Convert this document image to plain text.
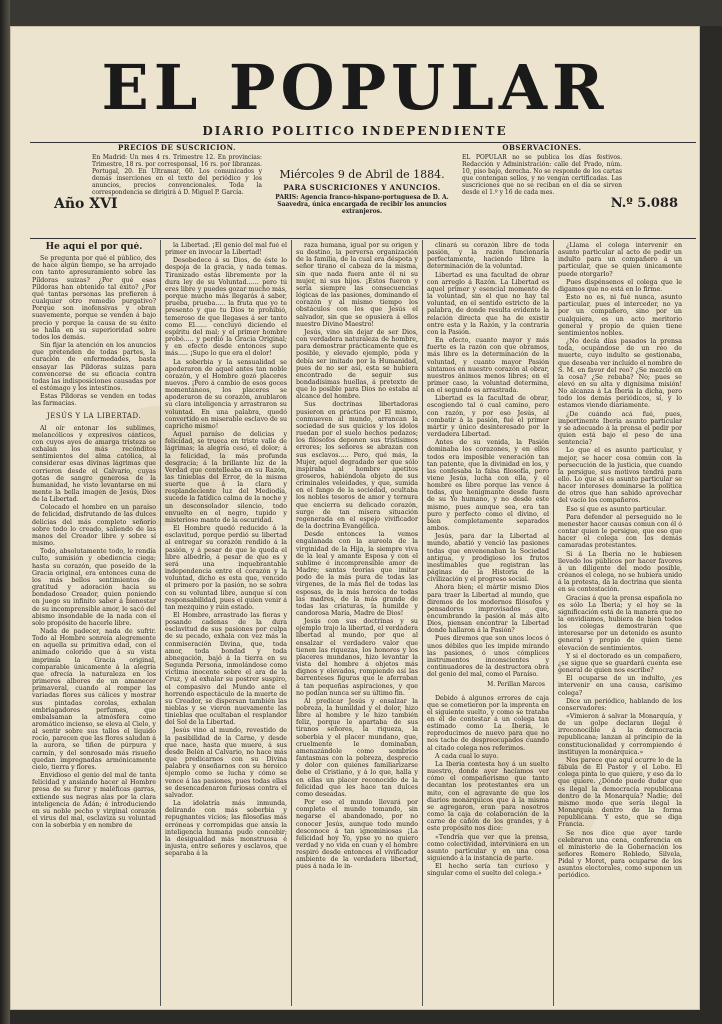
EL POPULAR
DIARIO POLITICO INDEPENDIENTE
PRECIOS DE SUSCRICION.
En Madrid: Un mes 4 rs. Trimestre 12. En provincias: Trimestre, 18 rs. por corresponsal, 16 rs. por libranzas. Portugal, 20. En Ultramar, 60. Los comunicados y demás inserciones en el texto del periódico y los anuncios, precios convencionales. Toda la correspondencia se dirigirá á D. Miguel P. García.
Miércoles 9 de Abril de 1884.
PARA SUSCRICIONES Y ANUNCIOS.
PARIS: Agencia franco-hispano-portuguesa de D. A. Saavedra, única encargada de recibir los anuncios extranjeros.
OBSERVACIONES.
EL POPULAR no se publica los días festivos. Redacción y Administración: calle del Prado, núm. 10, piso bajo, derecha. No se responde de los cartas que contengan sellos, y no vengan certificadas. Las suscriciones que no se reciban en el día se sirven desde el 1.º y 16 de cada mes.
Año XVI	N.º 5.088

He aquí el por qué.

Se pregunta por qué el público, des de hace algún tiempo, se ha arrojado con tanto apresuramiento sobre las Píldoras suizas? ¿Por qué esas Píldoras han obtenido tal éxito? ¿Por qué tantas personas las prefieren á cualquier otro remedio purgativo? Porque son inofensivas y obran suavemente, porque se venden á bajo precio y porque la causa de su éxito se halla en su superioridad sobre todos los demás.

Sin fijar la atención en los anuncios que pretenden de todas partes, la curación de enfermedades, basta ensayar las Píldoras suizas para convencerse de su eficacia contra todas las indisposiciones causadas por el estómago y los intestinos.

Estas Píldoras se venden en todas las farmacias.

JESÚS Y LA LIBERTAD.

Al oír entonar los sublimes, melancólicos y expresivos cánticos, con cuyos ayes de amarga tristeza se exhalan los más recónditos sentimientos del alma católica, al considerar esas divinas lágrimas que corrieron desde el Calvario, cuyas gotas de sangre generosa de la humanidad, he visto levantarse en mi mente la bella imagen de Jesús, Dios de la Libertad.

Colocado el hombre en un paraíso de felicidad, disfrutando de las dulces delicias del más completo señorío sobre todo lo creado, saliendo de las manos del Creador libre y sobre sí mismo.

Todo, absolutamente todo, le rendía culto, sumisión y obediencia ciega; hasta su corazón, que poseído de la Gracia original, era entonces cuna de los más bellos sentimientos de gratitud y adoración hacia su bondadoso Creador, quien poniendo en juego su infinito saber á bienestar de su incomprensible amor, le sacó del abismo insondable de la nada con el solo propósito de hacerle libre.

Nada de padecer, nada de sufrir. Todo al Hombre sonreía alegremente en aquella su primitiva edad, con el animado colorido que á su vista imprimía la Gracia original, comparable únicamente á la alegría que ofrecía la naturaleza en los primeros albores de un amanecer primaveral, cuando al romper las variadas flores sus cálices y mostrar sus pintadas corolas, exhalan embriagadores perfumes, que embalsaman la atmósfera como aromático incienso, se eleva al Cielo, y al sentir sobre sus tallos el líquido rocío, parecen que las flores saludan á la aurora, se tiñen de púrpura y carmín, y del sonrosado más risueño quedan impregnadas armónicamente cielo, tierra y flores.

Envidioso el genio del mal de tanta felicidad y ansiando hacer al Hombre presa de su furor y maléficas garras, extiende sus negras alas por la clara inteligencia de Adán; é introduciendo en su noble pecho y virginal corazón el virus del mal, esclaviza su voluntad con la soberbia y en nombre de

la Libertad. ¡El genio del mal fué el primer en invocar la Libertad!

Desobedece á su Dios, de éste lo despoja de la gracia, y nada temas. Tiranizado estás libremente por la dura ley de su Voluntad...... pero tú eres libre y puedes gozar mucho más, porque mucho más llegarás á saber, prueba, prueba..... la fruta que yo te presento y que tu Dios te prohibió, temeroso de que llegases á ser tanto como El...... concluyó diciendo el espíritu del mal; y el primer hombre probó..... y perdió la Gracia Original; y en efecto desde entonces supo más..... ¡Supo lo que era el dolor!

La soberbia y la sensualidad se apoderaron de aquel antes tan noble corazón, y el Hombre gozó placeres nuevos. ¡Pero á cambio de esos goces momentáneos, los placeres se apoderaron de su corazón, anublaron su clara inteligencia y arrastraron su voluntad. En una palabra, quedó convertido en miserable esclavo de su capricho mismo!

Aquel paraíso de delicias y felicidad, se trueca en triste valle de lágrimas; la alegría cesó, el dolor; á la felicidad, la más profunda desgracia; á la brillante luz de la Verdad que centelleaba en su Razón, las tinieblas del Error, de la misma suerte que á la clara y resplandeciente luz del Mediodía, sucede la fatídica calma de la noche y un desconsolador silencio, todo envuelto en el negro, tupido y misterioso manto de la oscuridad.

El Hombre quedó reducido á la esclavitud, porque perdió su libertad al entregar su corazón rendido á la pasión, y á pesar de que le queda el libre albedrío, á pesar de que es y será una inquebrantable independencia entre el corazón y la voluntad, dicho es esta que, vencido el primero por la pasión, no se sobra con su voluntad libre, aunque sí con responsabilidad, pues el quien venir á tan mezquino y ruin estado.

El Hombre, arrastrado las fieras y posando cadenas de la dura esclavitud de sus pasiones por culpa de su pecado, exhala con vez más la conmiseración Divina, que, toda amor, toda bondad y toda abnegación, bajó á la tierra en su Segunda Persona, inmolándose como víctima inocente sobre el ara de la Cruz, y al exhalar su postrer suspiro, el compasivo del Mundo ante el horrendo espectáculo de la muerte de su Creador, se dispersan también las nieblas y se vieron nuevamente las tinieblas que ocultaban el resplandor del Sol de la Libertad.

Jesús vino al mundo, revestido de la pasibilidad de la Carne, y desde que nace, hasta que muere, á sus desde Belén al Calvario, no hace más que predicarnos con su Divina palabra y enseñarnos con su heroico ejemplo como se lucha y cómo se vence á las pasiones, pues todas ellas se desencadenaron furiosas contra el salvador.

La idolatría más inmunda, delirando con más soberbia y repugnantes vicios; las filosofías más erróneas y corrompidas que ansía la inteligencia humana pudo concebir; la desigualdad más monstruosa é injusta, entre señores y esclavos, que separaba á la

raza humana, igual por su origen y su destino, la perversa organización de la familia, de la cual era déspota y señor tirano el cabeza de la misma, sin que nada fuera ante él ni su mujer, ni sus hijos. ¡Estos fueron y sería siempre las consecuencias lógicas de las pasiones, dominando el corazón y al mismo tiempo los obstáculos con los que Jesús el salvador, sin que se opusiera á ellos nuestro Divino Maestro!

Jesús, vino sin dejar de ser Dios, con verdadera naturaleza de hombre, para demostrar prácticamente que es posible, y elevado ejemplo, poda y debía ser imitado por la Humanidad, pues de no ser así, esta se hubiera encontrado de seguir sus bondadísimas huellas, á pretexto de que lo posible para Dios no estaba al alcance del hombre.

Sus doctrinas libertadoras pusieron en práctica por El mismo, conmueven al mundo, arrancan la sociedad de sus quicios y los ídolos ruedan por el suelo hechos pedazos; los filósofos deponen sus tristísimos errores; los señores se abrazan con sus esclavos..... Pero, qué más, la Mujer, aquel degradado ser que sólo inspiraba al hombre apetitos groseros, habiéndola objeto de sus criminales veleidades, y que, sumida en el fango de la sociedad, ocultaba los nobles tesoros de amor y ternura que encierra su delicado corazón, surge de tan mísera situación regenerada en el espejo vivificador de la doctrina Evangélica.

Desde entonces la vemos engalanada con la aureola de la virginidad de la Hija, la siempre viva de la leal y amante Esposa y con el sublime é incomprensible amor de Madre; santas teorías que imitar podo de la más pura de todas las vírgenes, de la más fiel de todas las esposas, de la más heroica de todas las madres, de la más grande de todas las criaturas, la humilde y candorosa María, Madre de Dios!

Jesús con sus doctrinas y su ejemplo trajo la libertad, el verdadera libertad al mundo, por que al ensalzar el verdadero valor que tienen las riquezas, los honores y los placeres mundanos, hizo levantar la vista del hombre á objetos más dignos y elevados, rompiendo así las barrenteses figuras que le aferraban á tan pequeñas aspiraciones, y que no podían nunca ser su último fin.

Al predicar Jesús y ensalzar la pobreza, la humildad y el dolor, hizo libre al hombre y le hizo también feliz, porque le apartaba de sus tiranos señores, la riqueza, la soberbia y el placer mundano, que, cruelmente le dominaban, amenazándole como sombríos fantasmas con la pobreza, desprecio y dolor con quienes familiarizarse debe el Cristiano, y á lo que, halla y en ellas un placer reconocido de la felicidad que les hace tan dulces como deseadas.

Por eso el mundo llevará por completo el mundo tomando, sin negarse el abandonado, por no conocer Jesús, aunque todo mundo desconoce á tan ignominiosas ¡La felicidad hoy Yo, ypse yo no quiero verdad y no vida en cuan y el hombre respiró desde entonces el vivificador ambiente de la verdadera libertad, pues á nada le in-

clinará su corazón libre de toda pasión, y la razón funcionaría perfectamente, haciendo libre la determinación de la voluntad.

Libertad es una facultad de obrar con arreglo á Razón. La Libertad es aquel primer y esencial momento de la voluntad, sin el que no hay tal voluntad, en el sentido estricto de la palabra, de donde resulta evidente la relación directa que ha de existir entre esta y la Razón, y la contraria con la Pasión.

En efecto, cuanto mayor y más fuerte es la razón con que obramos, más libre es la determinación de la voluntad, y cuanto mayor Pasión sintamos en nuestro corazón al obrar, nuestros ánimos menos libres; en el primer caso, la voluntad determina, en el segundo es arrastrada.

Libertad es la facultad de obrar, escogiendo tal ó cual camino, pero con razón, y por eso Jesús, al combatir á la pasión, fué el primer mártir y único desinteresado por la verdadera Libertad.

Antes de su venida, la Pasión dominaba los corazones, y en ellos todos era imposible veneración tan tan patente, que la divinidad en los, y las confesaba la falsa filosofía, pero viene Jesús, lucha con ella, y el hombre es libre porque las vence á todas, que henigmante desde fuera de su Yo humano, y no desde este mismo, pues aunque sea, era tan puro y perfecto como el divino, el bien completamente separados ambos.

Jesús, para dar la Libertad al mundo, abatió y venció las pasiones todas que envenenaban la Sociedad antigua, y prodigioso los frutos inestimables que registran las páginas de la Historia de la civilización y el progreso social.

Ahora bien; el mártir mismo Dios para traer la Libertad al mundo, que diremos de los modernos filósofos y pensadores improvisados que, encumbrando la pasión al más alto Dios, piensan encontrar la Libertad donde hallaron á la Pasión?

Pues diremos que son unos locos ó unos débiles que les impide mirando las pasiones, ó unos cómplices instrumentos inconscientes y continuadores de la destructora obra del genio del mal, como el Paraíso.

M. Perillan Marcos

Debido á algunos errores de caja que se cometieron por la imprenta en el siguiente suelto, y como se trataba en él de contestar á un colega tan estimado como La Iberia, le reproducimos de nuevo para que no nos tache de despreocupados cuando al citado colega nos referimos.

A cada cual lo suyo.

La Iberia contesta hoy á un suelto nuestro, donde ayer hacíamos ver cómo el compañerismo que tanto decantan los protestantes era un mito, con el agravante de que los diarios monárquicos que á la misma se agregaron, eran para nosotros como la caja de colaboración de la carne de cañón de los grandes, y á este propósito nos dice:

«Tendría que ver que la prensa, como colectividad, interviniera en un asunto particular y en una cosa siguiendo á la instancia de parte.

El hecho sería tan curioso y singular como el suelto del colega.»

¿Llama el colega intervenir en asunto particular al acto de pedir un indulto para un compañero á un particular, que se quien únicamente puede otorgarlo?

Pues dispénsenos el colega que le digamos que no está en lo firme.

Esto no es, ni fué nunca, asunto particular, pues el interceder, no ya por un compañero, sino por un cualquiera, es un acto meritorio general y propio de quien tiene sentimientos nobles.

¿No decía días pasados la prensa toda, ocupándose de un reo de muerte, cuyo indulto se gestionaba, que deseaba ver incluído el nombre de S. M. en favor del reo? ¿Se mezcló en la cosa? ¿Se rebaba? No; pues se elevó en su alta y dignísima misión! No alcanza á La Iberia la dicha, pero todo los demás periódicos, sí, y lo estamos viendo diariamente.

¿De cuándo acá fué, pues, impertinente Iberia asunto particular y se adecuado á la prensa el pedir por quien está bajo el peso de una sentencia?

Lo que el es asunto particular, y mejor, se hacer cosa común con la persecución de la justicia, que cuando la persigue, sus motivos tendrá para ello. Lo que sí es asunto particular se hacer intereses dominarse la política de otros que han sabido aprovechar del vacío los compañeros.

Eso sí que es asunto particular.

Para defender al perseguido no le menester hacer causas comun con él ó contar quien le persigue, que eso que hacer el colega con los demás camaradas protestantes.

Si á La Iberia no le hubiesen llevado los públicos por hacer favores á un diligente del modo posible, créanos el colega, no se hubiera unido á la protesta, da la doctrina que sienta en su contestación.

Gracias á que la prensa española no es sólo La Iberia; y el hoy se la significación está de la manera que no la envidiamos, hubiera de bien todos los colegas demostrarán que interesarse por un detenido es asunto general y propio de quien tiene elevación de sentimientos.

Y si el doctorado es un compañero, ¿se sigue que se guardará cuenta ese general de quien nos escribe?

El ocuparse de un indulto, ¿es intervenir en una causa, carísimo colega?

Dice un periódico, hablando de los conservadores:

«Vimieron á salvar la Monarquía, y de un golpe declaran ilegal é irreconocible á la democracia republicana; lanzan al principio de la constitucionalidad y corrompiendo é instituyen la monárquica.»

Nos parece que aquí ocurre lo de la fábula de El Pastor y el Lobo. El colega pinta lo que quiere, y eso da lo que quiere. ¿Dónde puede dudar que es ilegal la democracia republicana dentro de la Monarquía? Nadie; del mismo modo que sería ilegal la Monarquía dentro de la forma republicana. Y esto, que se diga Francia.

Se nos dice que ayer tarde celebraron una cena, conferencia en el ministerio de la Gobernación los señores Romero Robledo, Silvela, Pidal y Moret, para ocuparse de los asuntos electorales, como suponen un periódico.
